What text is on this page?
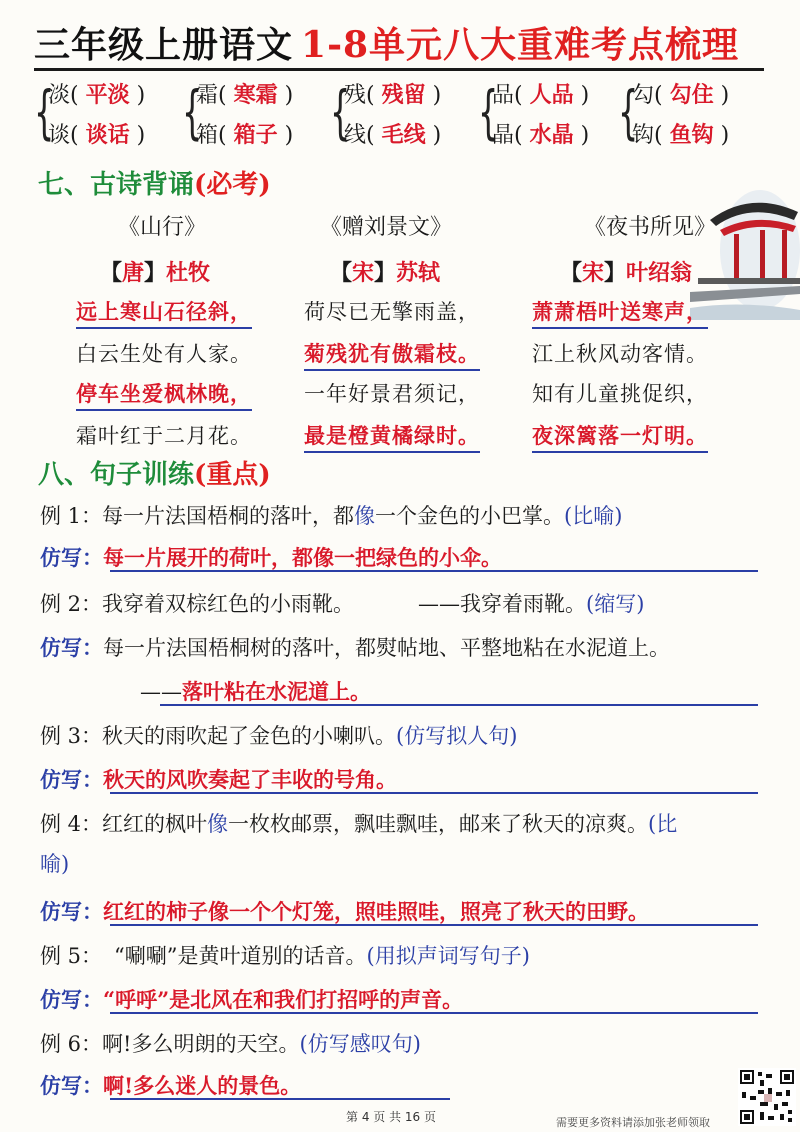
三年级上册语文 1-8单元八大重难考点梳理
{
淡( 平淡 )
谈( 谈话 ) {
霜( 寒霜 )
箱( 箱子 ) {
残( 残留 )
线( 毛线 ) {
品( 人品 )
晶( 水晶 ) {
勾( 勾住 )
钩( 鱼钩 )
七、古诗背诵(必考)
《山行》
【唐】杜牧
远上寒山石径斜，
白云生处有人家。
停车坐爱枫林晚，
霜叶红于二月花。
《赠刘景文》
【宋】苏轼
荷尽已无擎雨盖，
菊残犹有傲霜枝。
一年好景君须记，
最是橙黄橘绿时。
《夜书所见》
【宋】叶绍翁
萧萧梧叶送寒声，
江上秋风动客情。
知有儿童挑促织，
夜深篱落一灯明。
八、句子训练(重点)
例 1：每一片法国梧桐的落叶，都像一个金色的小巴掌。(比喻)
仿写：每一片展开的荷叶，都像一把绿色的小伞。
例 2：我穿着双棕红色的小雨靴。	——我穿着雨靴。(缩写)
仿写：每一片法国梧桐树的落叶，都熨帖地、平整地粘在水泥道上。
——落叶粘在水泥道上。
例 3：秋天的雨吹起了金色的小喇叭。(仿写拟人句)
仿写：秋天的风吹奏起了丰收的号角。
例 4：红红的枫叶像一枚枚邮票，飘哇飘哇，邮来了秋天的凉爽。(比
喻)
仿写：红红的柿子像一个个灯笼，照哇照哇，照亮了秋天的田野。
例 5： “唰唰”是黄叶道别的话音。(用拟声词写句子)
仿写：“呼呼”是北风在和我们打招呼的声音。
例 6：啊!多么明朗的天空。(仿写感叹句)
仿写：啊!多么迷人的景色。
第 4 页 共 16 页	需要更多资料请添加张老师领取
